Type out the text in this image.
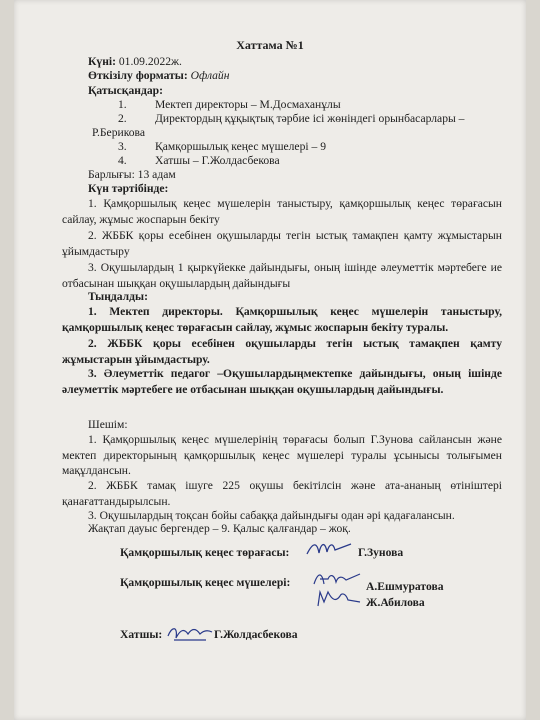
Хаттама №1
Күні: 01.09.2022ж.
Өткізілу форматы: Офлайн
Қатысқандар:
1. Мектеп директоры – М.Досмаханұлы
2. Директордың құқықтық тәрбие ісі жөніндегі орынбасарлары –
Р.Берикова
3. Қамқоршылық кеңес мүшелері – 9
4. Хатшы – Г.Жолдасбекова
Барлығы: 13 адам
Күн тәртібінде:
1. Қамқоршылық кеңес мүшелерін таныстыру, қамқоршылық кеңес төрағасын сайлау, жұмыс жоспарын бекіту
2. ЖББК қоры есебінен оқушыларды тегін ыстық тамақпен қамту жұмыстарын ұйымдастыру
3. Оқушылардың 1 қыркүйекке дайындығы, оның ішінде әлеуметтік мәртебеге ие отбасынан шыққан оқушылардың дайындығы
Тыңдалды:
1. Мектеп директоры. Қамқоршылық кеңес мүшелерін таныстыру, қамқоршылық кеңес төрағасын сайлау, жұмыс жоспарын бекіту туралы.
2. ЖББК қоры есебінен оқушыларды тегін ыстық тамақпен қамту жұмыстарын ұйымдастыру.
3. Әлеуметтік педагог –Оқушылардыңмектепке дайындығы, оның ішінде әлеуметтік мәртебеге ие отбасынан шыққан оқушылардың дайындығы.
Шешім:
1. Қамқоршылық кеңес мүшелерінің төрағасы болып Г.Зунова сайлансын және мектеп директорының қамқоршылық кеңес мүшелері туралы ұсынысы толығымен мақұлдансын.
2. ЖББК тамақ ішуге 225 оқушы бекітілсін және ата-ананың өтініштері қанағаттандырылсын.
3. Оқушылардың тоқсан бойы сабаққа дайындығы одан әрі қадағалансын.
Жақтап дауыс бергендер – 9. Қалыс қалғандар – жоқ.
Қамқоршылық кеңес төрағасы:	Г.Зунова
Қамқоршылық кеңес мүшелері:	А.Ешмуратова
Ж.Абилова
Хатшы:	Г.Жолдасбекова
